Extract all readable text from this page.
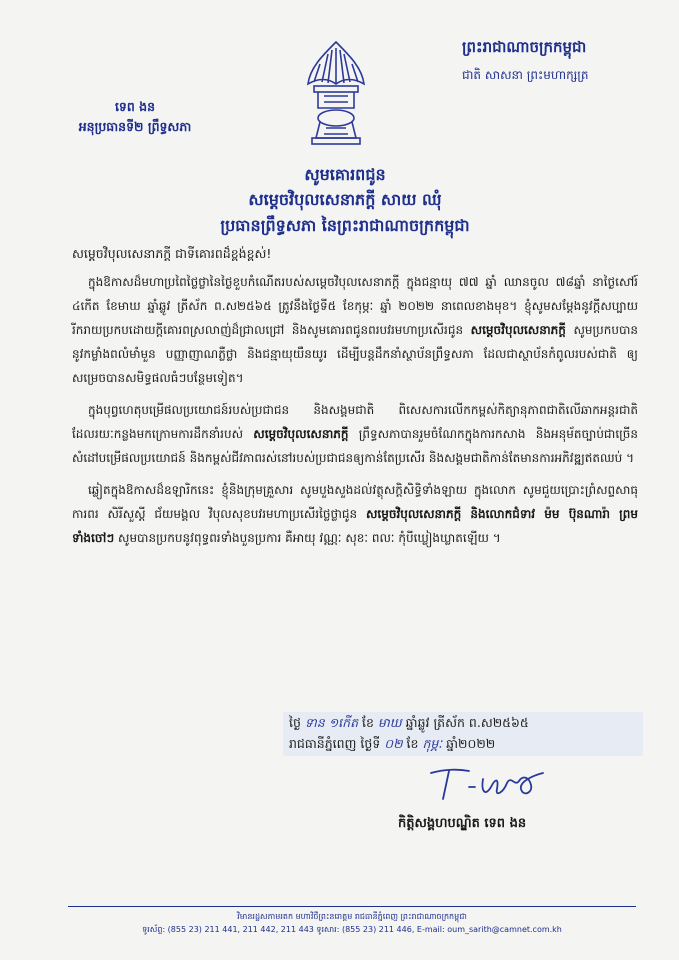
ព្រះរាជាណាចក្រកម្ពុជា
ជាតិ សាសនា ព្រះមហាក្សត្រ
ទេព ងន
អនុប្រធានទី២ ព្រឹទ្ធសភា
សូមគោរពជូន
សម្តេចវិបុលសេនាភក្តី សាយ ឈុំ
ប្រធានព្រឹទ្ធសភា នៃព្រះរាជាណាចក្រកម្ពុជា

សម្តេចវិបុលសេនាភក្តី ជាទីគោរពដ៏ខ្ពង់ខ្ពស់!

ក្នុងឱកាសដ៏មហាប្រពៃថ្លៃថ្លានៃថ្ងៃខួបកំណើតរបស់សម្តេចវិបុលសេនាភក្តី ក្នុងជន្មាយុ ៧៧ ឆ្នាំ ឈានចូល ៧៨ឆ្នាំ នាថ្ងៃសៅរ៍ ៤កើត ខែមាឃ ឆ្នាំឆ្លូវ ត្រីស័ក ព.ស២៥៦៥ ត្រូវនឹងថ្ងៃទី៥ ខែកុម្ភៈ ឆ្នាំ ២០២២ នាពេលខាងមុខ។ ខ្ញុំសូមសម្តែងនូវក្តីសប្បាយរីករាយប្រកបដោយក្តីគោរពស្រលាញ់ដ៏ជ្រាលជ្រៅ និងសូមគោរពជូនពរបវរមហាប្រសើរជូន សម្តេចវិបុលសេនាភក្តី សូមប្រកបបាននូវកម្លាំងពលំមាំមួន បញ្ញាញាណភ្លឺថ្លា និងជន្មាយុយឺនយូរ ដើម្បីបន្តដឹកនាំស្ថាប័នព្រឹទ្ធសភា ដែលជាស្ថាប័នកំពូលរបស់ជាតិ ឲ្យសម្រេចបានសមិទ្ធផលធំៗបន្ថែមទៀត។

ក្នុងបុព្វហេតុបម្រើផលប្រយោជន៍របស់ប្រជាជន និងសង្គមជាតិ ពិសេសការលើកកម្ពស់កិត្យានុភាពជាតិលើឆាកអន្តរជាតិ ដែលរយៈកន្លងមកក្រោមការដឹកនាំរបស់ សម្តេចវិបុលសេនាភក្តី ព្រឹទ្ធសភាបានរួមចំណែកក្នុងការកសាង និងអនុម័តច្បាប់ជាច្រើន សំដៅបម្រើផលប្រយោជន៍ និងកម្ពស់ជីវភាពរស់នៅរបស់ប្រជាជនឲ្យកាន់តែប្រសើរ និងសង្គមជាតិកាន់តែមានការអភិវឌ្ឍឥតឈប់ ។

ឆ្លៀតក្នុងឱកាសដ៏ឧឡារិកនេះ ខ្ញុំនិងក្រុមគ្រួសារ សូមបួងសួងដល់វត្ថុសក្តិសិទ្ធិទាំងឡាយ ក្នុងលោក សូមជួយប្រោះព្រំសព្ទសាធុការពរ សិរីសួស្តី ជ័យមង្គល វិបុលសុខបវរមហាប្រសើរថ្លៃថ្លាជូន សម្តេចវិបុលសេនាភក្តី និងលោកជំទាវ ម៉ម ប៊ុនណារ៉ា ព្រមទាំងចៅៗ សូមបានប្រកបនូវពុទ្ធពរទាំងបួនប្រការ គឺអាយុ វណ្ណៈ សុខៈ ពលៈ កុំបីឃ្លៀងឃ្លាតឡើយ ។

ថ្ងៃ ទាន ១កើត ខែ មាឃ ឆ្នាំឆ្លូវ ត្រីស័ក ព.ស២៥៦៥
រាជធានីភ្នំពេញ ថ្ងៃទី ០២ ខែ កុម្ភៈ ឆ្នាំ២០២២
កិត្តិសង្គហបណ្ឌិត ទេព ងន
វិមានរដ្ឋសភាមរតក មហាវិថីព្រះនរោត្តម រាជធានីភ្នំពេញ ព្រះរាជាណាចក្រកម្ពុជា
ទូរស័ព្ទ: (855 23) 211 441, 211 442, 211 443 ទូរសារ: (855 23) 211 446, E-mail: oum_sarith@camnet.com.kh
